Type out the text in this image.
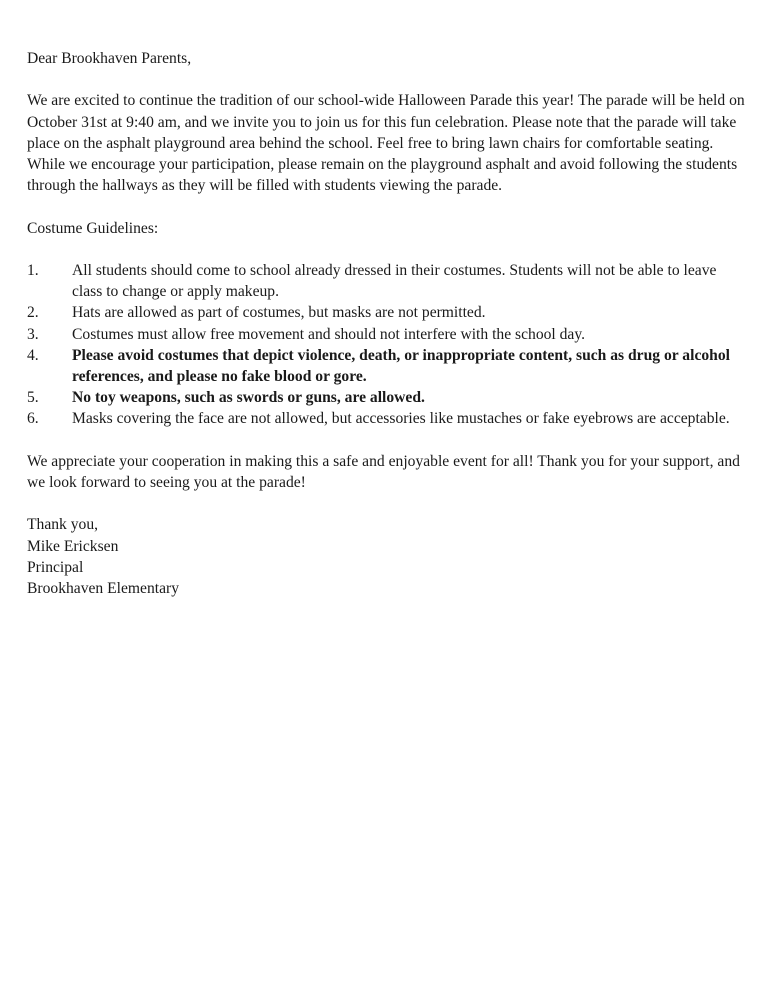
Dear Brookhaven Parents,

We are excited to continue the tradition of our school-wide Halloween Parade this year! The parade will be held on October 31st at 9:40 am, and we invite you to join us for this fun celebration. Please note that the parade will take place on the asphalt playground area behind the school. Feel free to bring lawn chairs for comfortable seating. While we encourage your participation, please remain on the playground asphalt and avoid following the students through the hallways as they will be filled with students viewing the parade.

Costume Guidelines:

1.	All students should come to school already dressed in their costumes. Students will not be able to leave class to change or apply makeup.
2.	Hats are allowed as part of costumes, but masks are not permitted.
3.	Costumes must allow free movement and should not interfere with the school day.
4.	Please avoid costumes that depict violence, death, or inappropriate content, such as drug or alcohol references, and please no fake blood or gore.
5.	No toy weapons, such as swords or guns, are allowed.
6.	Masks covering the face are not allowed, but accessories like mustaches or fake eyebrows are acceptable.

We appreciate your cooperation in making this a safe and enjoyable event for all! Thank you for your support, and we look forward to seeing you at the parade!

Thank you,

Mike Ericksen

Principal

Brookhaven Elementary
